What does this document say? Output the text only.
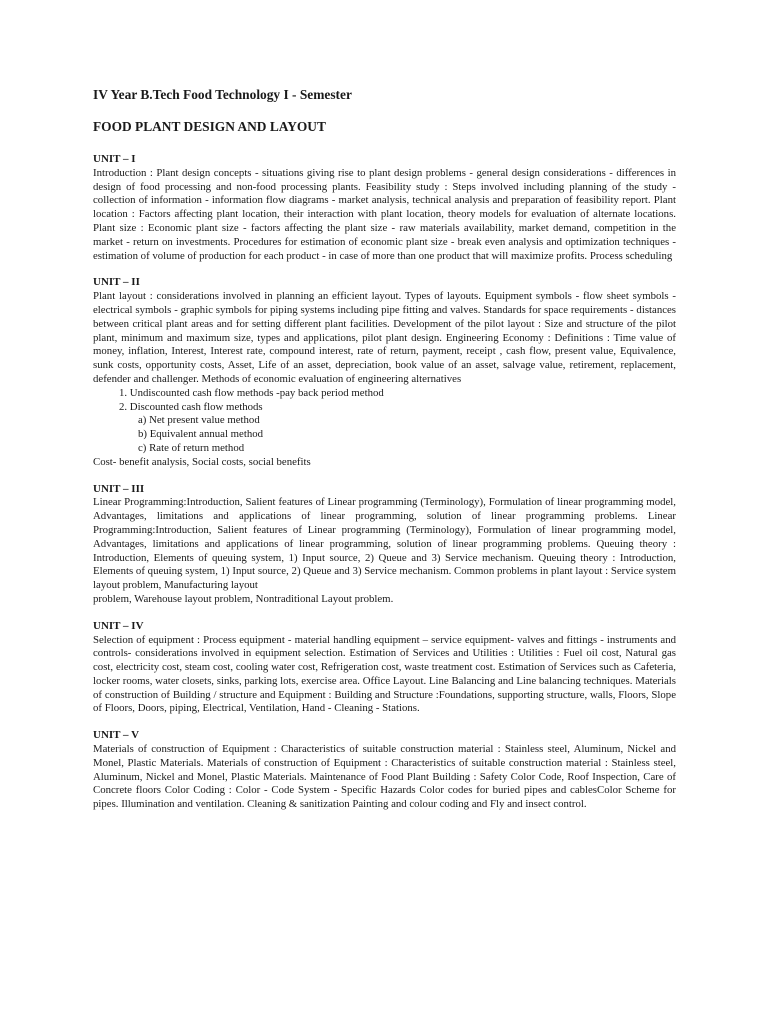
IV Year B.Tech Food Technology I - Semester

FOOD PLANT DESIGN AND LAYOUT

UNIT – I

Introduction : Plant design concepts - situations giving rise to plant design problems - general design considerations - differences in design of food processing and non-food processing plants. Feasibility study : Steps involved including planning of the study - collection of information - information flow diagrams - market analysis, technical analysis and preparation of feasibility report. Plant location : Factors affecting plant location, their interaction with plant location, theory models for evaluation of alternate locations. Plant size : Economic plant size - factors affecting the plant size - raw materials availability, market demand, competition in the market - return on investments. Procedures for estimation of economic plant size - break even analysis and optimization techniques - estimation of volume of production for each product - in case of more than one product that will maximize profits. Process scheduling

UNIT – II

Plant layout : considerations involved in planning an efficient layout. Types of layouts. Equipment symbols - flow sheet symbols - electrical symbols - graphic symbols for piping systems including pipe fitting and valves. Standards for space requirements - distances between critical plant areas and for setting different plant facilities. Development of the pilot layout : Size and structure of the pilot plant, minimum and maximum size, types and applications, pilot plant design. Engineering Economy : Definitions : Time value of money, inflation, Interest, Interest rate, compound interest, rate of return, payment, receipt , cash flow, present value, Equivalence, sunk costs, opportunity costs, Asset, Life of an asset, depreciation, book value of an asset, salvage value, retirement, replacement, defender and challenger. Methods of economic evaluation of engineering alternatives

1. Undiscounted cash flow methods -pay back period method

2. Discounted cash flow methods

a) Net present value method

b) Equivalent annual method

c) Rate of return method

Cost- benefit analysis, Social costs, social benefits

UNIT – III

Linear Programming:Introduction, Salient features of Linear programming (Terminology), Formulation of linear programming model, Advantages, limitations and applications of linear programming, solution of linear programming problems. Linear Programming:Introduction, Salient features of Linear programming (Terminology), Formulation of linear programming model, Advantages, limitations and applications of linear programming, solution of linear programming problems. Queuing theory : Introduction, Elements of queuing system, 1) Input source, 2) Queue and 3) Service mechanism. Queuing theory : Introduction, Elements of queuing system, 1) Input source, 2) Queue and 3) Service mechanism. Common problems in plant layout : Service system layout problem, Manufacturing layout

problem, Warehouse layout problem, Nontraditional Layout problem.

UNIT – IV

Selection of equipment : Process equipment - material handling equipment – service equipment- valves and fittings - instruments and controls- considerations involved in equipment selection. Estimation of Services and Utilities : Utilities : Fuel oil cost, Natural gas cost, electricity cost, steam cost, cooling water cost, Refrigeration cost, waste treatment cost. Estimation of Services such as Cafeteria, locker rooms, water closets, sinks, parking lots, exercise area. Office Layout. Line Balancing and Line balancing techniques. Materials of construction of Building / structure and Equipment : Building and Structure :Foundations, supporting structure, walls, Floors, Slope of Floors, Doors, piping, Electrical, Ventilation, Hand - Cleaning - Stations.

UNIT – V

Materials of construction of Equipment : Characteristics of suitable construction material : Stainless steel, Aluminum, Nickel and Monel, Plastic Materials. Materials of construction of Equipment : Characteristics of suitable construction material : Stainless steel, Aluminum, Nickel and Monel, Plastic Materials. Maintenance of Food Plant Building : Safety Color Code, Roof Inspection, Care of Concrete floors Color Coding : Color - Code System - Specific Hazards Color codes for buried pipes and cablesColor Scheme for pipes. Illumination and ventilation. Cleaning & sanitization Painting and colour coding and Fly and insect control.
